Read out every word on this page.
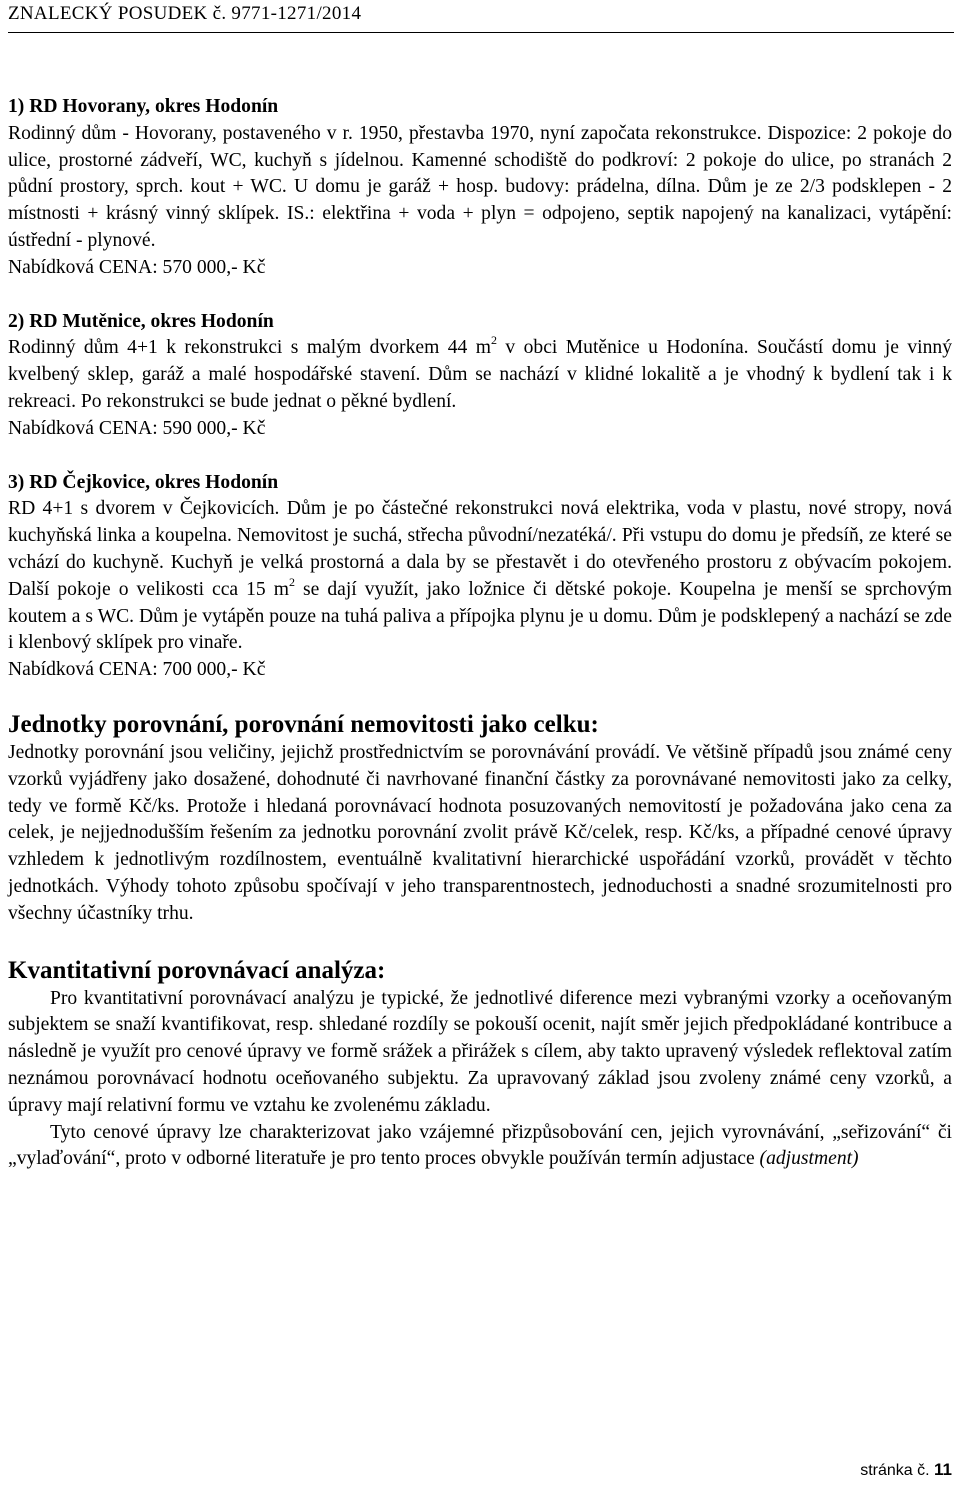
ZNALECKÝ POSUDEK č. 9771-1271/2014
1) RD Hovorany, okres Hodonín
Rodinný dům - Hovorany, postaveného v r. 1950, přestavba 1970, nyní započata rekonstrukce. Dispozice: 2 pokoje do ulice, prostorné zádveří, WC, kuchyň s jídelnou. Kamenné schodiště do podkroví: 2 pokoje do ulice, po stranách 2 půdní prostory, sprch. kout + WC. U domu je garáž + hosp. budovy: prádelna, dílna. Dům je ze 2/3 podsklepen - 2 místnosti + krásný vinný sklípek. IS.: elektřina + voda + plyn = odpojeno, septik napojený na kanalizaci, vytápění: ústřední - plynové.
Nabídková CENA: 570 000,- Kč
2) RD Mutěnice, okres Hodonín
Rodinný dům 4+1 k rekonstrukci s malým dvorkem 44 $m^2$ v obci Mutěnice u Hodonína. Součástí domu je vinný kvelbený sklep, garáž a malé hospodářské stavení. Dům se nachází v klidné lokalitě a je vhodný k bydlení tak i k rekreaci. Po rekonstrukci se bude jednat o pěkné bydlení.
Nabídková CENA: 590 000,- Kč
3) RD Čejkovice, okres Hodonín
RD 4+1 s dvorem v Čejkovicích. Dům je po částečné rekonstrukci nová elektrika, voda v plastu, nové stropy, nová kuchyňská linka a koupelna. Nemovitost je suchá, střecha původní/nezatéká/. Při vstupu do domu je předsíň, ze které se vchází do kuchyně. Kuchyň je velká prostorná a dala by se přestavět i do otevřeného prostoru z obývacím pokojem. Další pokoje o velikosti cca 15 $m^2$ se dají využít, jako ložnice či dětské pokoje. Koupelna je menší se sprchovým koutem a s WC. Dům je vytápěn pouze na tuhá paliva a přípojka plynu je u domu. Dům je podsklepený a nachází se zde i klenbový sklípek pro vinaře.
Nabídková CENA: 700 000,- Kč
Jednotky porovnání, porovnání nemovitosti jako celku:

Jednotky porovnání jsou veličiny, jejichž prostřednictvím se porovnávání provádí. Ve většině případů jsou známé ceny vzorků vyjádřeny jako dosažené, dohodnuté či navrhované finanční částky za porovnávané nemovitosti jako za celky, tedy ve formě Kč/ks. Protože i hledaná porovnávací hodnota posuzovaných nemovitostí je požadována jako cena za celek, je nejjednodušším řešením za jednotku porovnání zvolit právě Kč/celek, resp. Kč/ks, a případné cenové úpravy vzhledem k jednotlivým rozdílnostem, eventuálně kvalitativní hierarchické uspořádání vzorků, provádět v těchto jednotkách. Výhody tohoto způsobu spočívají v jeho transparentnostech, jednoduchosti a snadné srozumitelnosti pro všechny účastníky trhu.

Kvantitativní porovnávací analýza:

Pro kvantitativní porovnávací analýzu je typické, že jednotlivé diference mezi vybranými vzorky a oceňovaným subjektem se snaží kvantifikovat, resp. shledané rozdíly se pokouší ocenit, najít směr jejich předpokládané kontribuce a následně je využít pro cenové úpravy ve formě srážek a přirážek s cílem, aby takto upravený výsledek reflektoval zatím neznámou porovnávací hodnotu oceňovaného subjektu. Za upravovaný základ jsou zvoleny známé ceny vzorků, a úpravy mají relativní formu ve vztahu ke zvolenému základu.

Tyto cenové úpravy lze charakterizovat jako vzájemné přizpůsobování cen, jejich vyrovnávání, „seřizování“ či „vylaďování“, proto v odborné literatuře je pro tento proces obvykle používán termín adjustace (adjustment)

stránka č. 11
